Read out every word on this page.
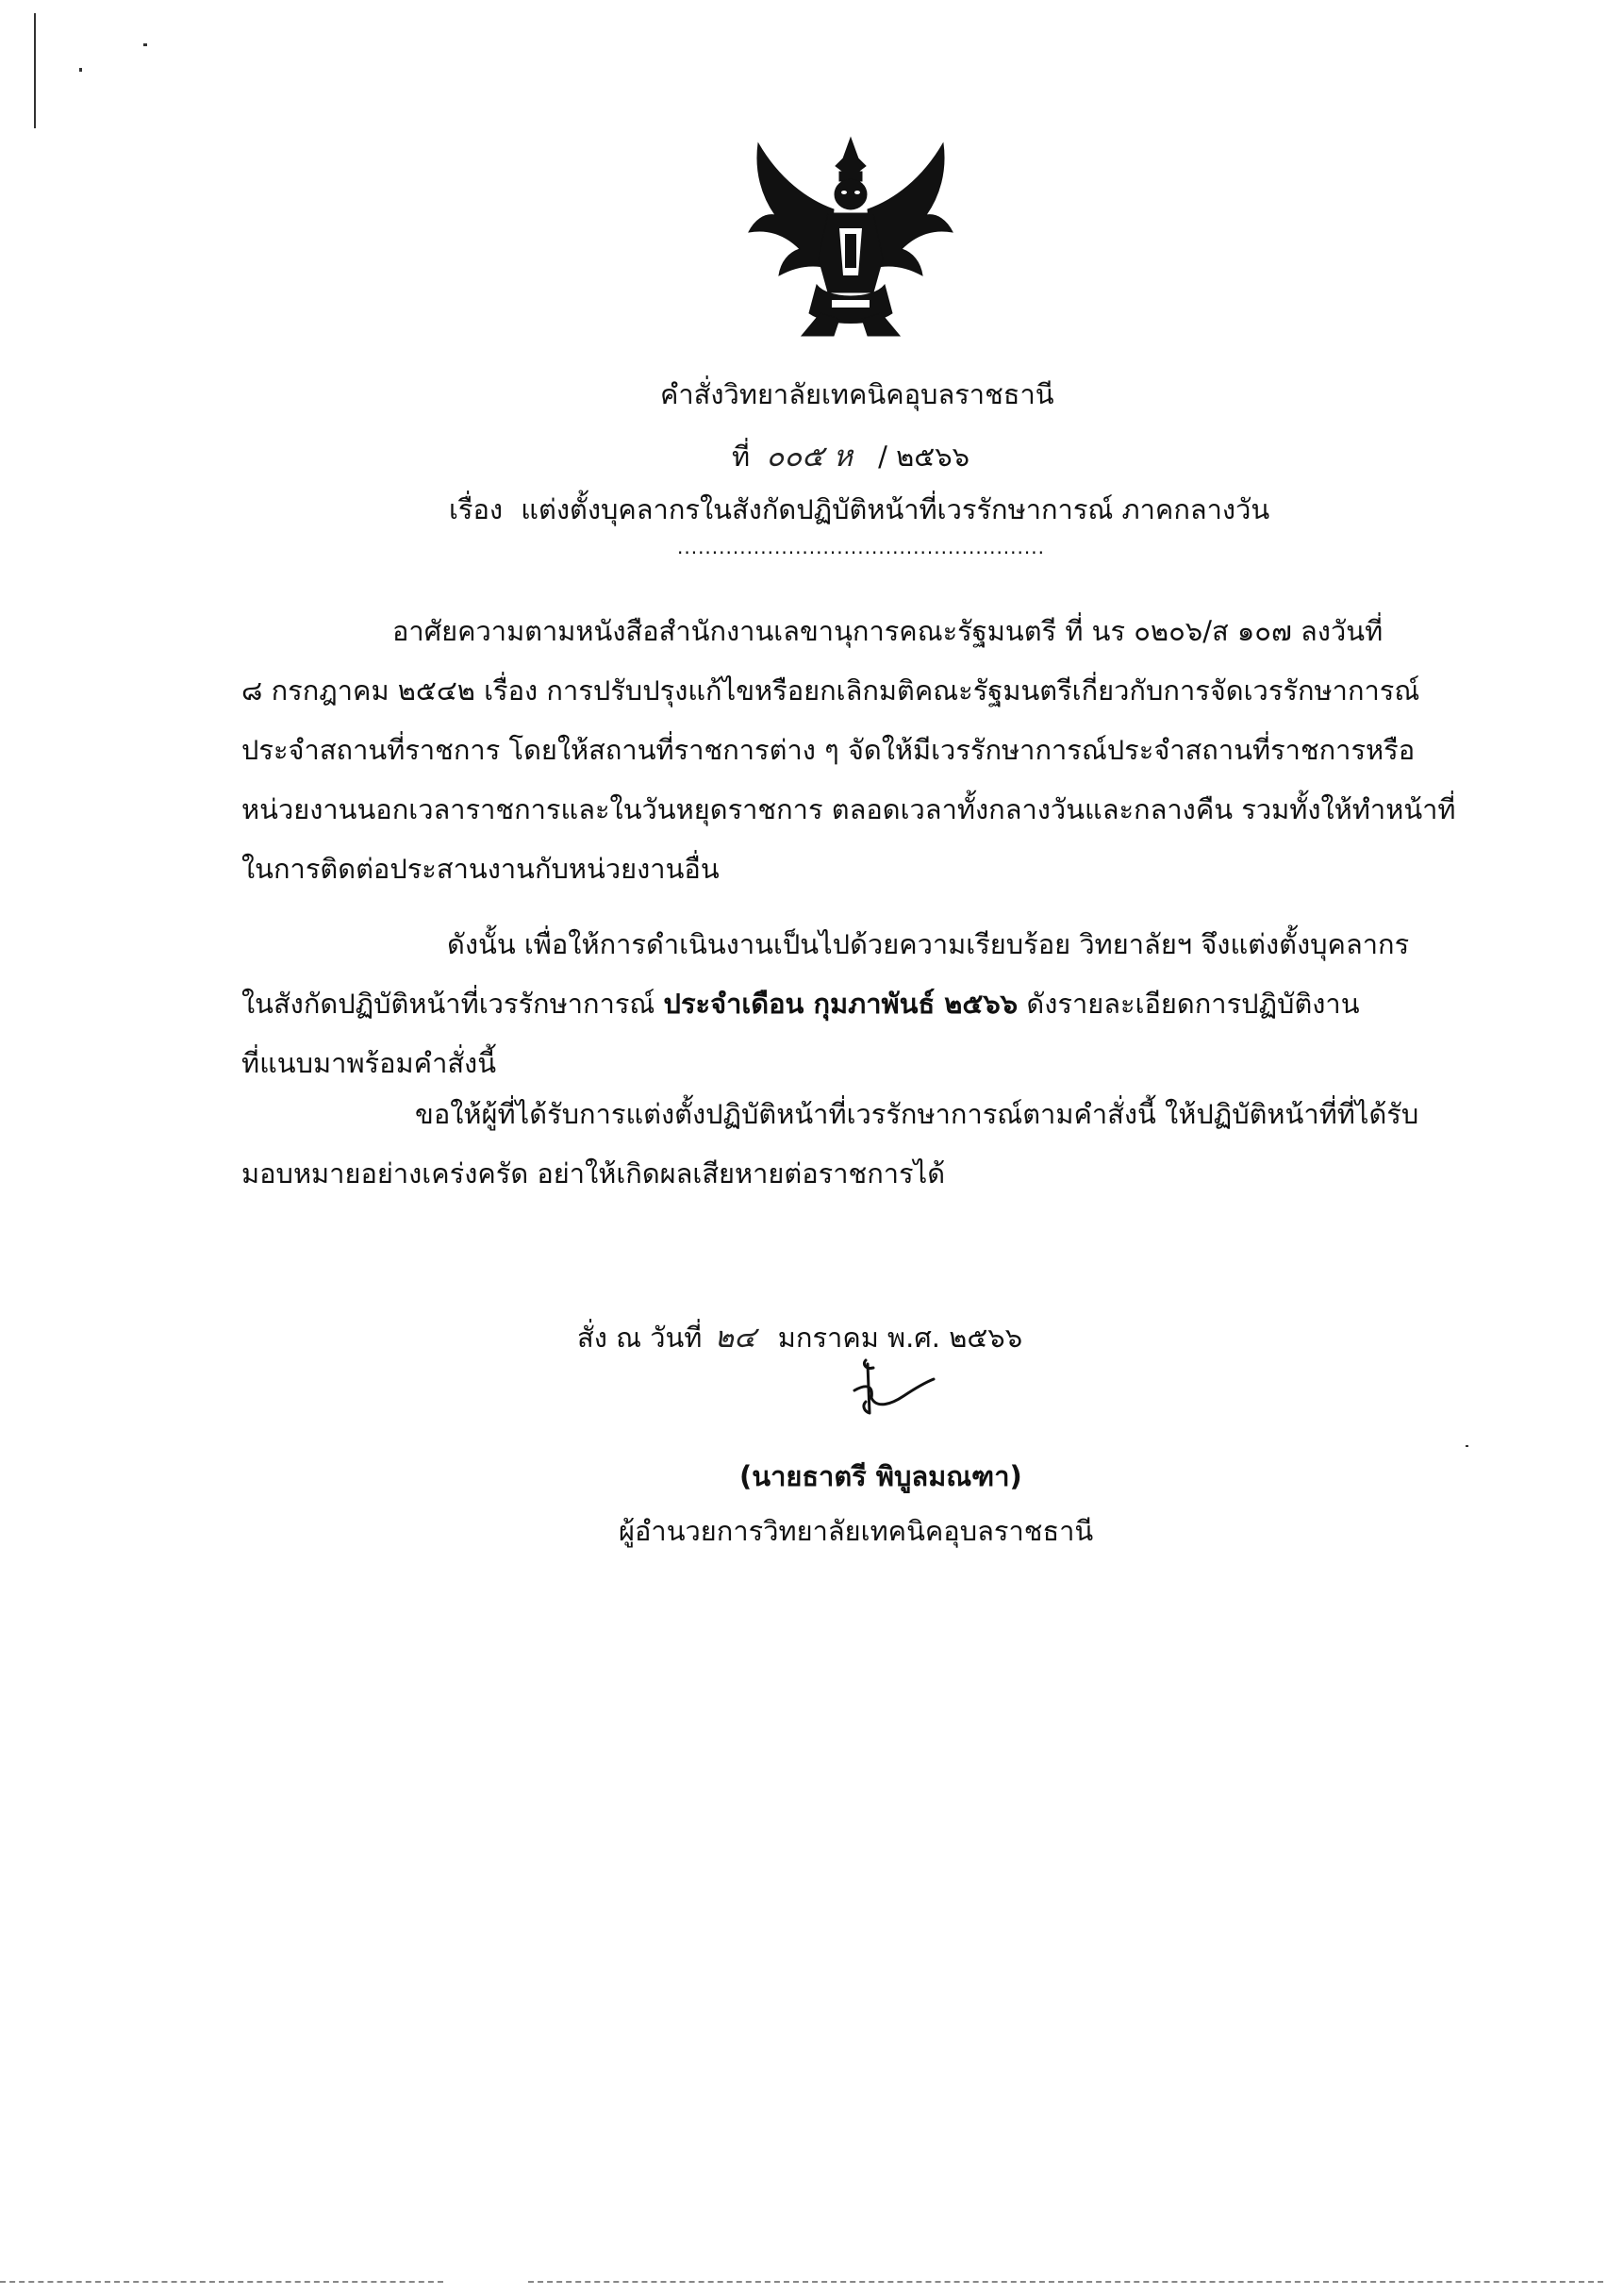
คำสั่งวิทยาลัยเทคนิคอุบลราชธานี
ที่ ๐๐๕ ห / ๒๕๖๖
เรื่อง แต่งตั้งบุคลากรในสังกัดปฏิบัติหน้าที่เวรรักษาการณ์ ภาคกลางวัน
.....................................................

อาศัยความตามหนังสือสำนักงานเลขานุการคณะรัฐมนตรี ที่ นร ๐๒๐๖/ส ๑๐๗ ลงวันที่

๘ กรกฎาคม ๒๕๔๒ เรื่อง การปรับปรุงแก้ไขหรือยกเลิกมติคณะรัฐมนตรีเกี่ยวกับการจัดเวรรักษาการณ์

ประจำสถานที่ราชการ โดยให้สถานที่ราชการต่าง ๆ จัดให้มีเวรรักษาการณ์ประจำสถานที่ราชการหรือ

หน่วยงานนอกเวลาราชการและในวันหยุดราชการ ตลอดเวลาทั้งกลางวันและกลางคืน รวมทั้งให้ทำหน้าที่

ในการติดต่อประสานงานกับหน่วยงานอื่น

ดังนั้น เพื่อให้การดำเนินงานเป็นไปด้วยความเรียบร้อย วิทยาลัยฯ จึงแต่งตั้งบุคลากร

ในสังกัดปฏิบัติหน้าที่เวรรักษาการณ์ ประจำเดือน กุมภาพันธ์ ๒๕๖๖ ดังรายละเอียดการปฏิบัติงาน

ที่แนบมาพร้อมคำสั่งนี้

ขอให้ผู้ที่ได้รับการแต่งตั้งปฏิบัติหน้าที่เวรรักษาการณ์ตามคำสั่งนี้ ให้ปฏิบัติหน้าที่ที่ได้รับ

มอบหมายอย่างเคร่งครัด อย่าให้เกิดผลเสียหายต่อราชการได้

สั่ง ณ วันที่ ๒๔ มกราคม พ.ศ. ๒๕๖๖
(นายธาตรี พิบูลมณฑา)
ผู้อำนวยการวิทยาลัยเทคนิคอุบลราชธานี
